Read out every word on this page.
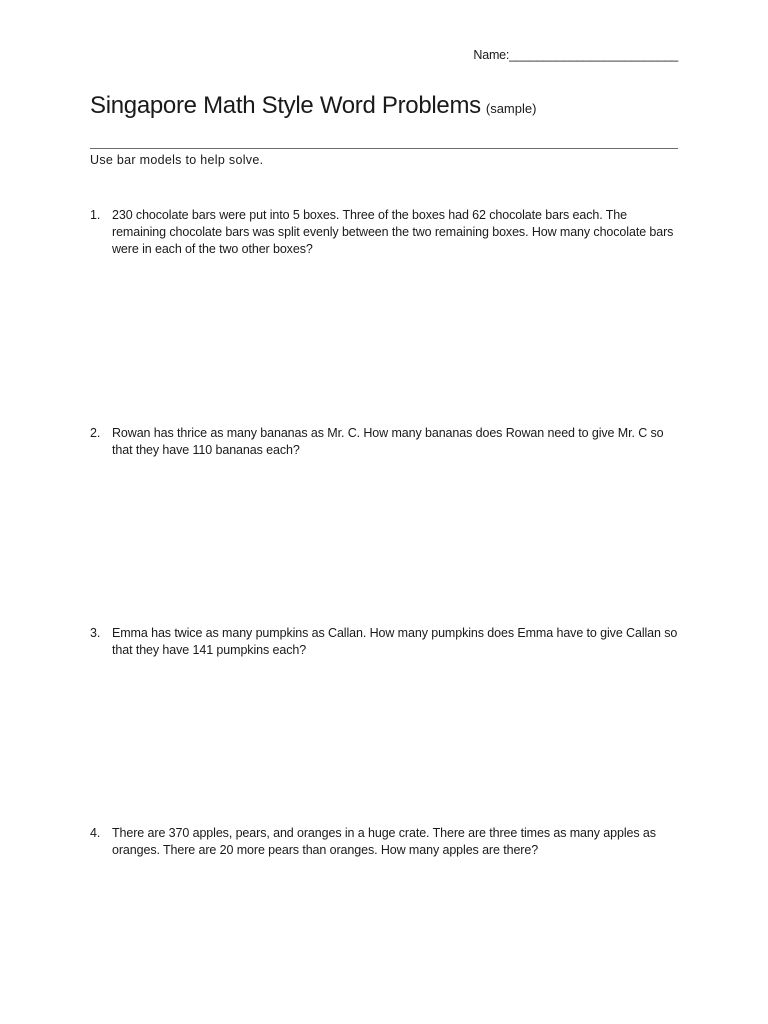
Name:_________________________
Singapore Math Style Word Problems (sample)
Use bar models to help solve.
1. 230 chocolate bars were put into 5 boxes. Three of the boxes had 62 chocolate bars each. The remaining chocolate bars was split evenly between the two remaining boxes. How many chocolate bars were in each of the two other boxes?
2. Rowan has thrice as many bananas as Mr. C. How many bananas does Rowan need to give Mr. C so that they have 110 bananas each?
3. Emma has twice as many pumpkins as Callan. How many pumpkins does Emma have to give Callan so that they have 141 pumpkins each?
4. There are 370 apples, pears, and oranges in a huge crate. There are three times as many apples as oranges. There are 20 more pears than oranges. How many apples are there?
